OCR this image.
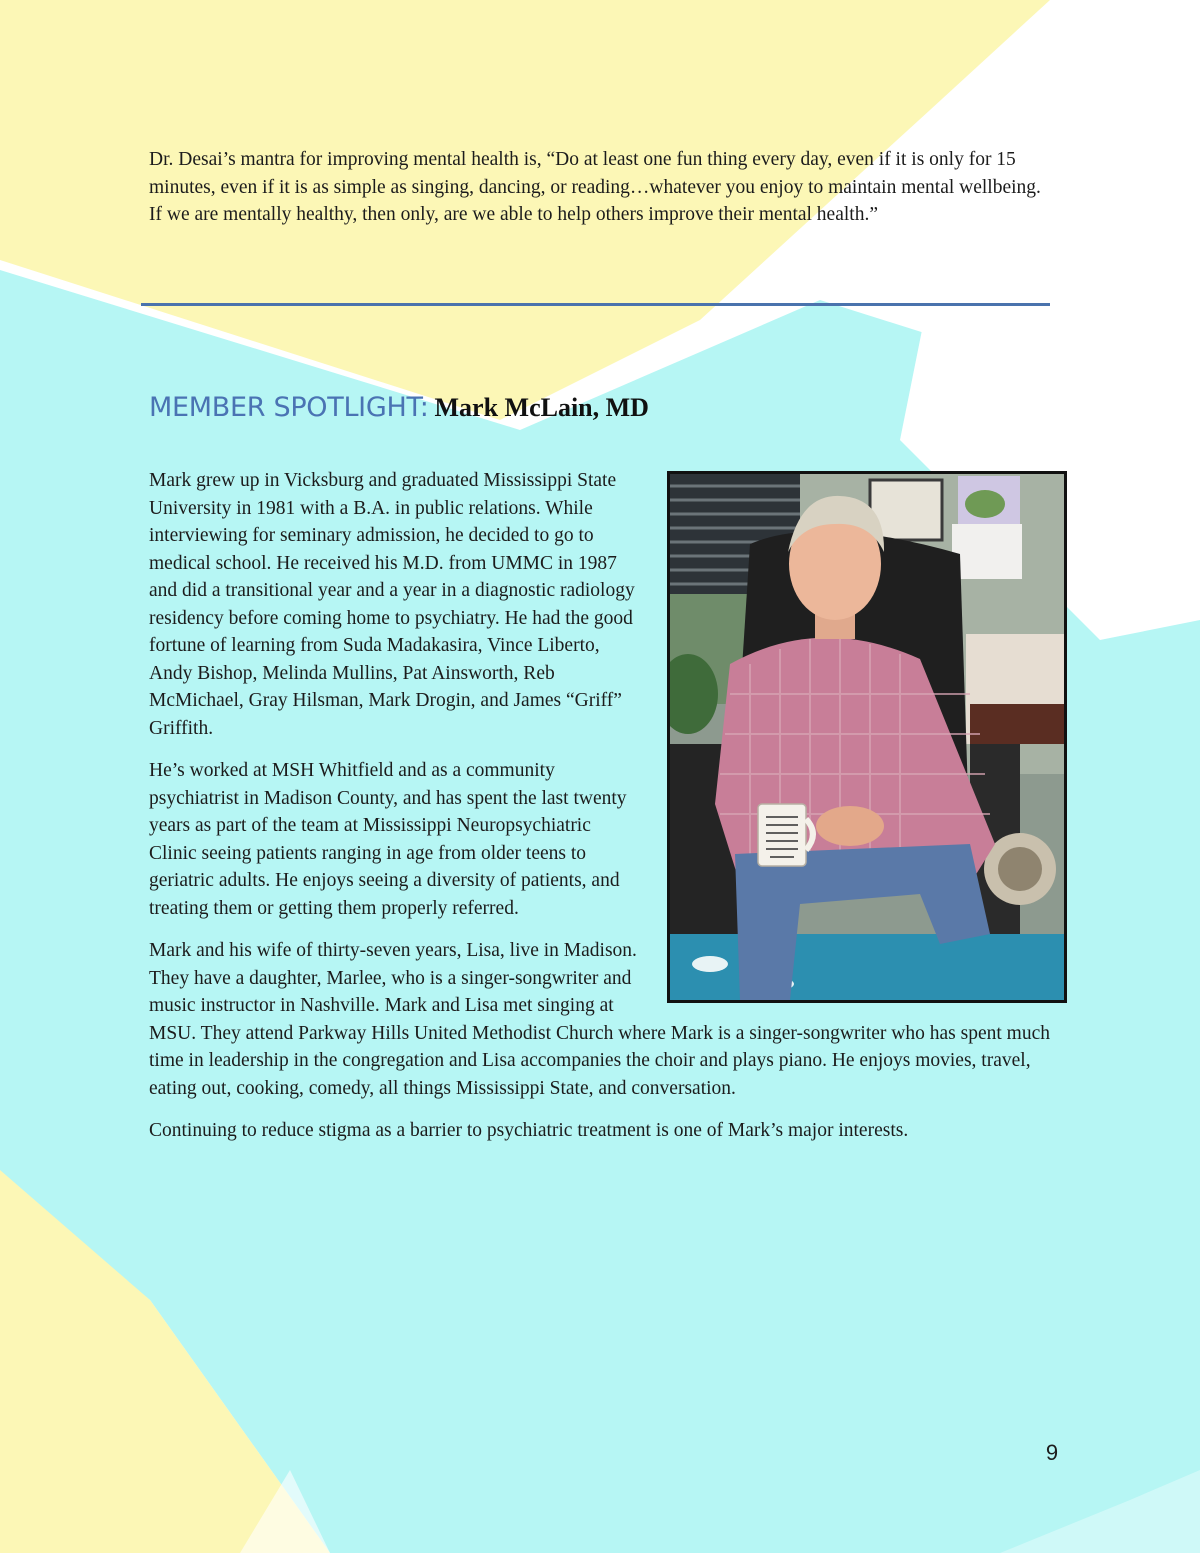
Dr. Desai’s mantra for improving mental health is, “Do at least one fun thing every day, even if it is only for 15 minutes, even if it is as simple as singing, dancing, or reading…whatever you enjoy to maintain mental wellbeing. If we are mentally healthy, then only, are we able to help others improve their mental health.”

MEMBER SPOTLIGHT: Mark McLain, MD

Mark grew up in Vicksburg and graduated Mississippi State University in 1981 with a B.A. in public relations. While interviewing for seminary admission, he decided to go to medical school. He received his M.D. from UMMC in 1987 and did a transitional year and a year in a diagnostic radiology residency before coming home to psychiatry. He had the good fortune of learning from Suda Madakasira, Vince Liberto, Andy Bishop, Melinda Mullins, Pat Ainsworth, Reb McMichael, Gray Hilsman, Mark Drogin, and James “Griff” Griffith.

He’s worked at MSH Whitfield and as a community psychiatrist in Madison County, and has spent the last twenty years as part of the team at Mississippi Neuropsychiatric Clinic seeing patients ranging in age from older teens to geriatric adults. He enjoys seeing a diversity of patients, and treating them or getting them properly referred.

Mark and his wife of thirty-seven years, Lisa, live in Madison. They have a daughter, Marlee, who is a singer-songwriter and music instructor in Nashville. Mark and Lisa met singing at MSU. They attend Parkway Hills United Methodist Church where Mark is a singer-songwriter who has spent much time in leadership in the congregation and Lisa accompanies the choir and plays piano. He enjoys movies, travel, eating out, cooking, comedy, all things Mississippi State, and conversation.

Continuing to reduce stigma as a barrier to psychiatric treatment is one of Mark’s major interests.

9
